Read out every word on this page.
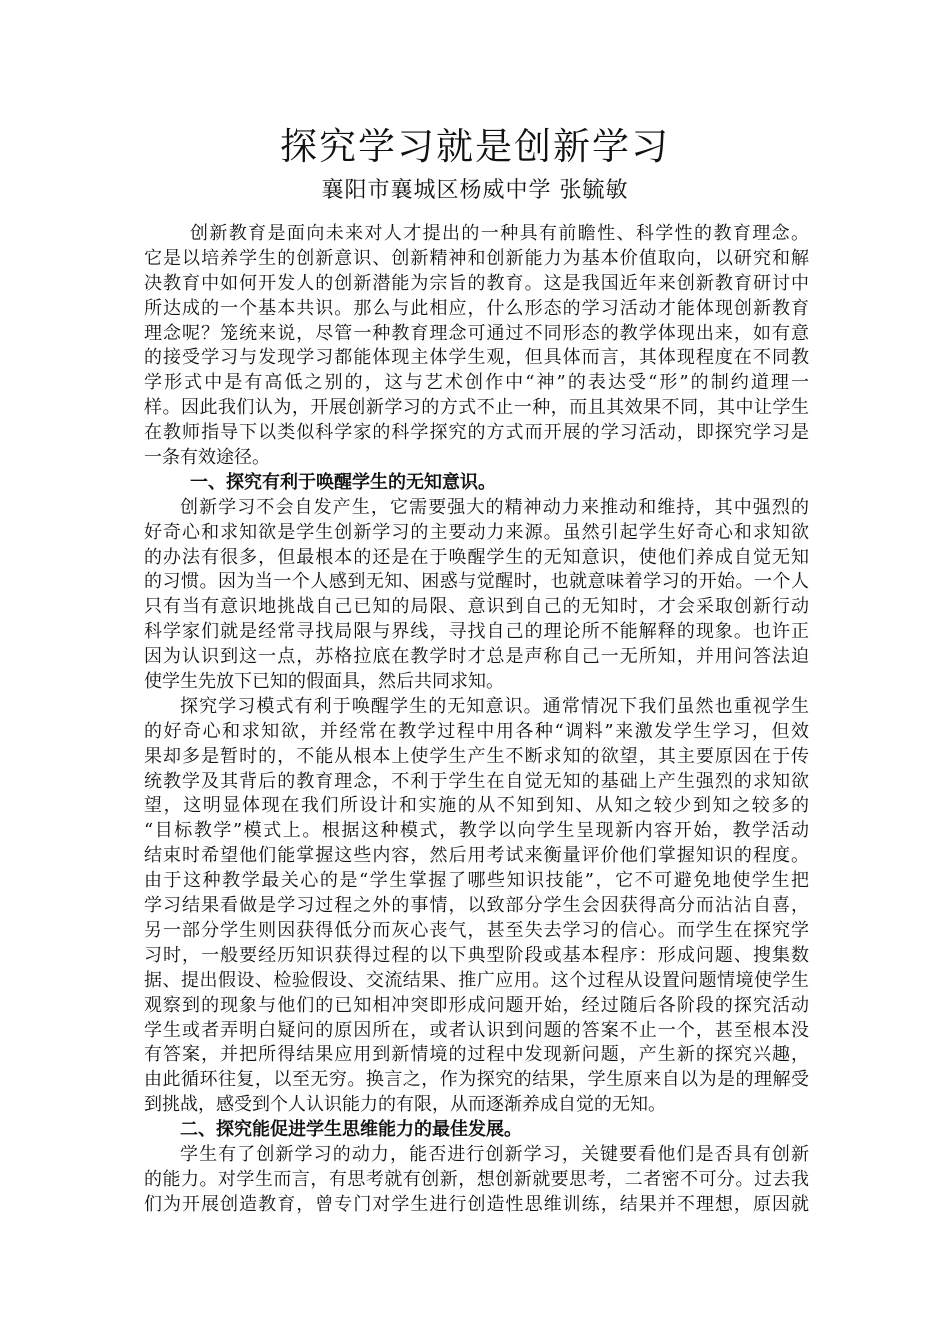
探究学习就是创新学习
襄阳市襄城区杨威中学 张毓敏
创新教育是面向未来对人才提出的一种具有前瞻性、科学性的教育理念。
它是以培养学生的创新意识、创新精神和创新能力为基本价值取向，以研究和解
决教育中如何开发人的创新潜能为宗旨的教育。这是我国近年来创新教育研讨中
所达成的一个基本共识。那么与此相应，什么形态的学习活动才能体现创新教育
理念呢？笼统来说，尽管一种教育理念可通过不同形态的教学体现出来，如有意
的接受学习与发现学习都能体现主体学生观，但具体而言，其体现程度在不同教
学形式中是有高低之别的，这与艺术创作中“神”的表达受“形”的制约道理一
样。因此我们认为，开展创新学习的方式不止一种，而且其效果不同，其中让学生
在教师指导下以类似科学家的科学探究的方式而开展的学习活动，即探究学习是
一条有效途径。
一、探究有利于唤醒学生的无知意识。
创新学习不会自发产生，它需要强大的精神动力来推动和维持，其中强烈的
好奇心和求知欲是学生创新学习的主要动力来源。虽然引起学生好奇心和求知欲
的办法有很多，但最根本的还是在于唤醒学生的无知意识，使他们养成自觉无知
的习惯。因为当一个人感到无知、困惑与觉醒时，也就意味着学习的开始。一个人
只有当有意识地挑战自己已知的局限、意识到自己的无知时，才会采取创新行动
科学家们就是经常寻找局限与界线，寻找自己的理论所不能解释的现象。也许正
因为认识到这一点，苏格拉底在教学时才总是声称自己一无所知，并用问答法迫
使学生先放下已知的假面具，然后共同求知。
探究学习模式有利于唤醒学生的无知意识。通常情况下我们虽然也重视学生
的好奇心和求知欲，并经常在教学过程中用各种“调料”来激发学生学习，但效
果却多是暂时的，不能从根本上使学生产生不断求知的欲望，其主要原因在于传
统教学及其背后的教育理念，不利于学生在自觉无知的基础上产生强烈的求知欲
望，这明显体现在我们所设计和实施的从不知到知、从知之较少到知之较多的
“目标教学”模式上。根据这种模式，教学以向学生呈现新内容开始，教学活动
结束时希望他们能掌握这些内容，然后用考试来衡量评价他们掌握知识的程度。
由于这种教学最关心的是“学生掌握了哪些知识技能”，它不可避免地使学生把
学习结果看做是学习过程之外的事情，以致部分学生会因获得高分而沾沾自喜，
另一部分学生则因获得低分而灰心丧气，甚至失去学习的信心。而学生在探究学
习时，一般要经历知识获得过程的以下典型阶段或基本程序：形成问题、搜集数
据、提出假设、检验假设、交流结果、推广应用。这个过程从设置问题情境使学生
观察到的现象与他们的已知相冲突即形成问题开始，经过随后各阶段的探究活动
学生或者弄明白疑问的原因所在，或者认识到问题的答案不止一个，甚至根本没
有答案，并把所得结果应用到新情境的过程中发现新问题，产生新的探究兴趣，
由此循环往复，以至无穷。换言之，作为探究的结果，学生原来自以为是的理解受
到挑战，感受到个人认识能力的有限，从而逐渐养成自觉的无知。
二、探究能促进学生思维能力的最佳发展。
学生有了创新学习的动力，能否进行创新学习，关键要看他们是否具有创新
的能力。对学生而言，有思考就有创新，想创新就要思考，二者密不可分。过去我
们为开展创造教育，曾专门对学生进行创造性思维训练，结果并不理想，原因就
